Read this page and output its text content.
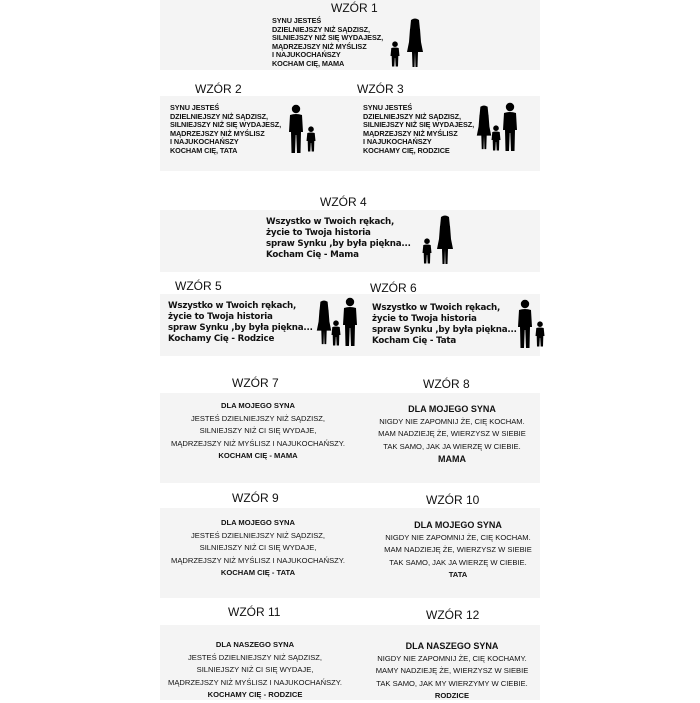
WZÓR 1
SYNU JESTEŚ
DZIELNIEJSZY NIŻ SĄDZISZ,
SILNIEJSZY NIŻ SIĘ WYDAJESZ,
MĄDRZEJSZY NIŻ MYŚLISZ
I NAJUKOCHAŃSZY
KOCHAM CIĘ, MAMA
WZÓR 2
SYNU JESTEŚ
DZIELNIEJSZY NIŻ SĄDZISZ,
SILNIEJSZY NIŻ SIĘ WYDAJESZ,
MĄDRZEJSZY NIŻ MYŚLISZ
I NAJUKOCHAŃSZY
KOCHAM CIĘ, TATA
WZÓR 3
SYNU JESTEŚ
DZIELNIEJSZY NIŻ SĄDZISZ,
SILNIEJSZY NIŻ SIĘ WYDAJESZ,
MĄDRZEJSZY NIŻ MYŚLISZ
I NAJUKOCHAŃSZY
KOCHAMY CIĘ, RODZICE
WZÓR 4
Wszystko w Twoich rękach,
życie to Twoja historia
spraw Synku ,by była piękna...
Kocham Cię - Mama
WZÓR 5
Wszystko w Twoich rękach,
życie to Twoja historia
spraw Synku ,by była piękna...
Kochamy Cię - Rodzice
WZÓR 6
Wszystko w Twoich rękach,
życie to Twoja historia
spraw Synku ,by była piękna...
Kocham Cię - Tata
WZÓR 7
DLA MOJEGO SYNA
JESTEŚ DZIELNIEJSZY NIŻ SĄDZISZ,
SILNIEJSZY NIŻ CI SIĘ WYDAJE,
MĄDRZEJSZY NIŻ MYŚLISZ I NAJUKOCHAŃSZY.
KOCHAM CIĘ - MAMA
WZÓR 8
DLA MOJEGO SYNA
NIGDY NIE ZAPOMNIJ ŻE, CIĘ KOCHAM.
MAM NADZIEJĘ ŻE, WIERZYSZ W SIEBIE
TAK SAMO, JAK JA WIERZĘ W CIEBIE.
MAMA
WZÓR 9
DLA MOJEGO SYNA
JESTEŚ DZIELNIEJSZY NIŻ SĄDZISZ,
SILNIEJSZY NIŻ CI SIĘ WYDAJE,
MĄDRZEJSZY NIŻ MYŚLISZ I NAJUKOCHAŃSZY.
KOCHAM CIĘ - TATA
WZÓR 10
DLA MOJEGO SYNA
NIGDY NIE ZAPOMNIJ ŻE, CIĘ KOCHAM.
MAM NADZIEJĘ ŻE, WIERZYSZ W SIEBIE
TAK SAMO, JAK JA WIERZĘ W CIEBIE.
TATA
WZÓR 11
DLA NASZEGO SYNA
JESTEŚ DZIELNIEJSZY NIŻ SĄDZISZ,
SILNIEJSZY NIŻ CI SIĘ WYDAJE,
MĄDRZEJSZY NIŻ MYŚLISZ I NAJUKOCHAŃSZY.
KOCHAMY CIĘ - RODZICE
WZÓR 12
DLA NASZEGO SYNA
NIGDY NIE ZAPOMNIJ ŻE, CIĘ KOCHAMY.
MAMY NADZIEJĘ ŻE, WIERZYSZ W SIEBIE
TAK SAMO, JAK MY WIERZYMY W CIEBIE.
RODZICE
